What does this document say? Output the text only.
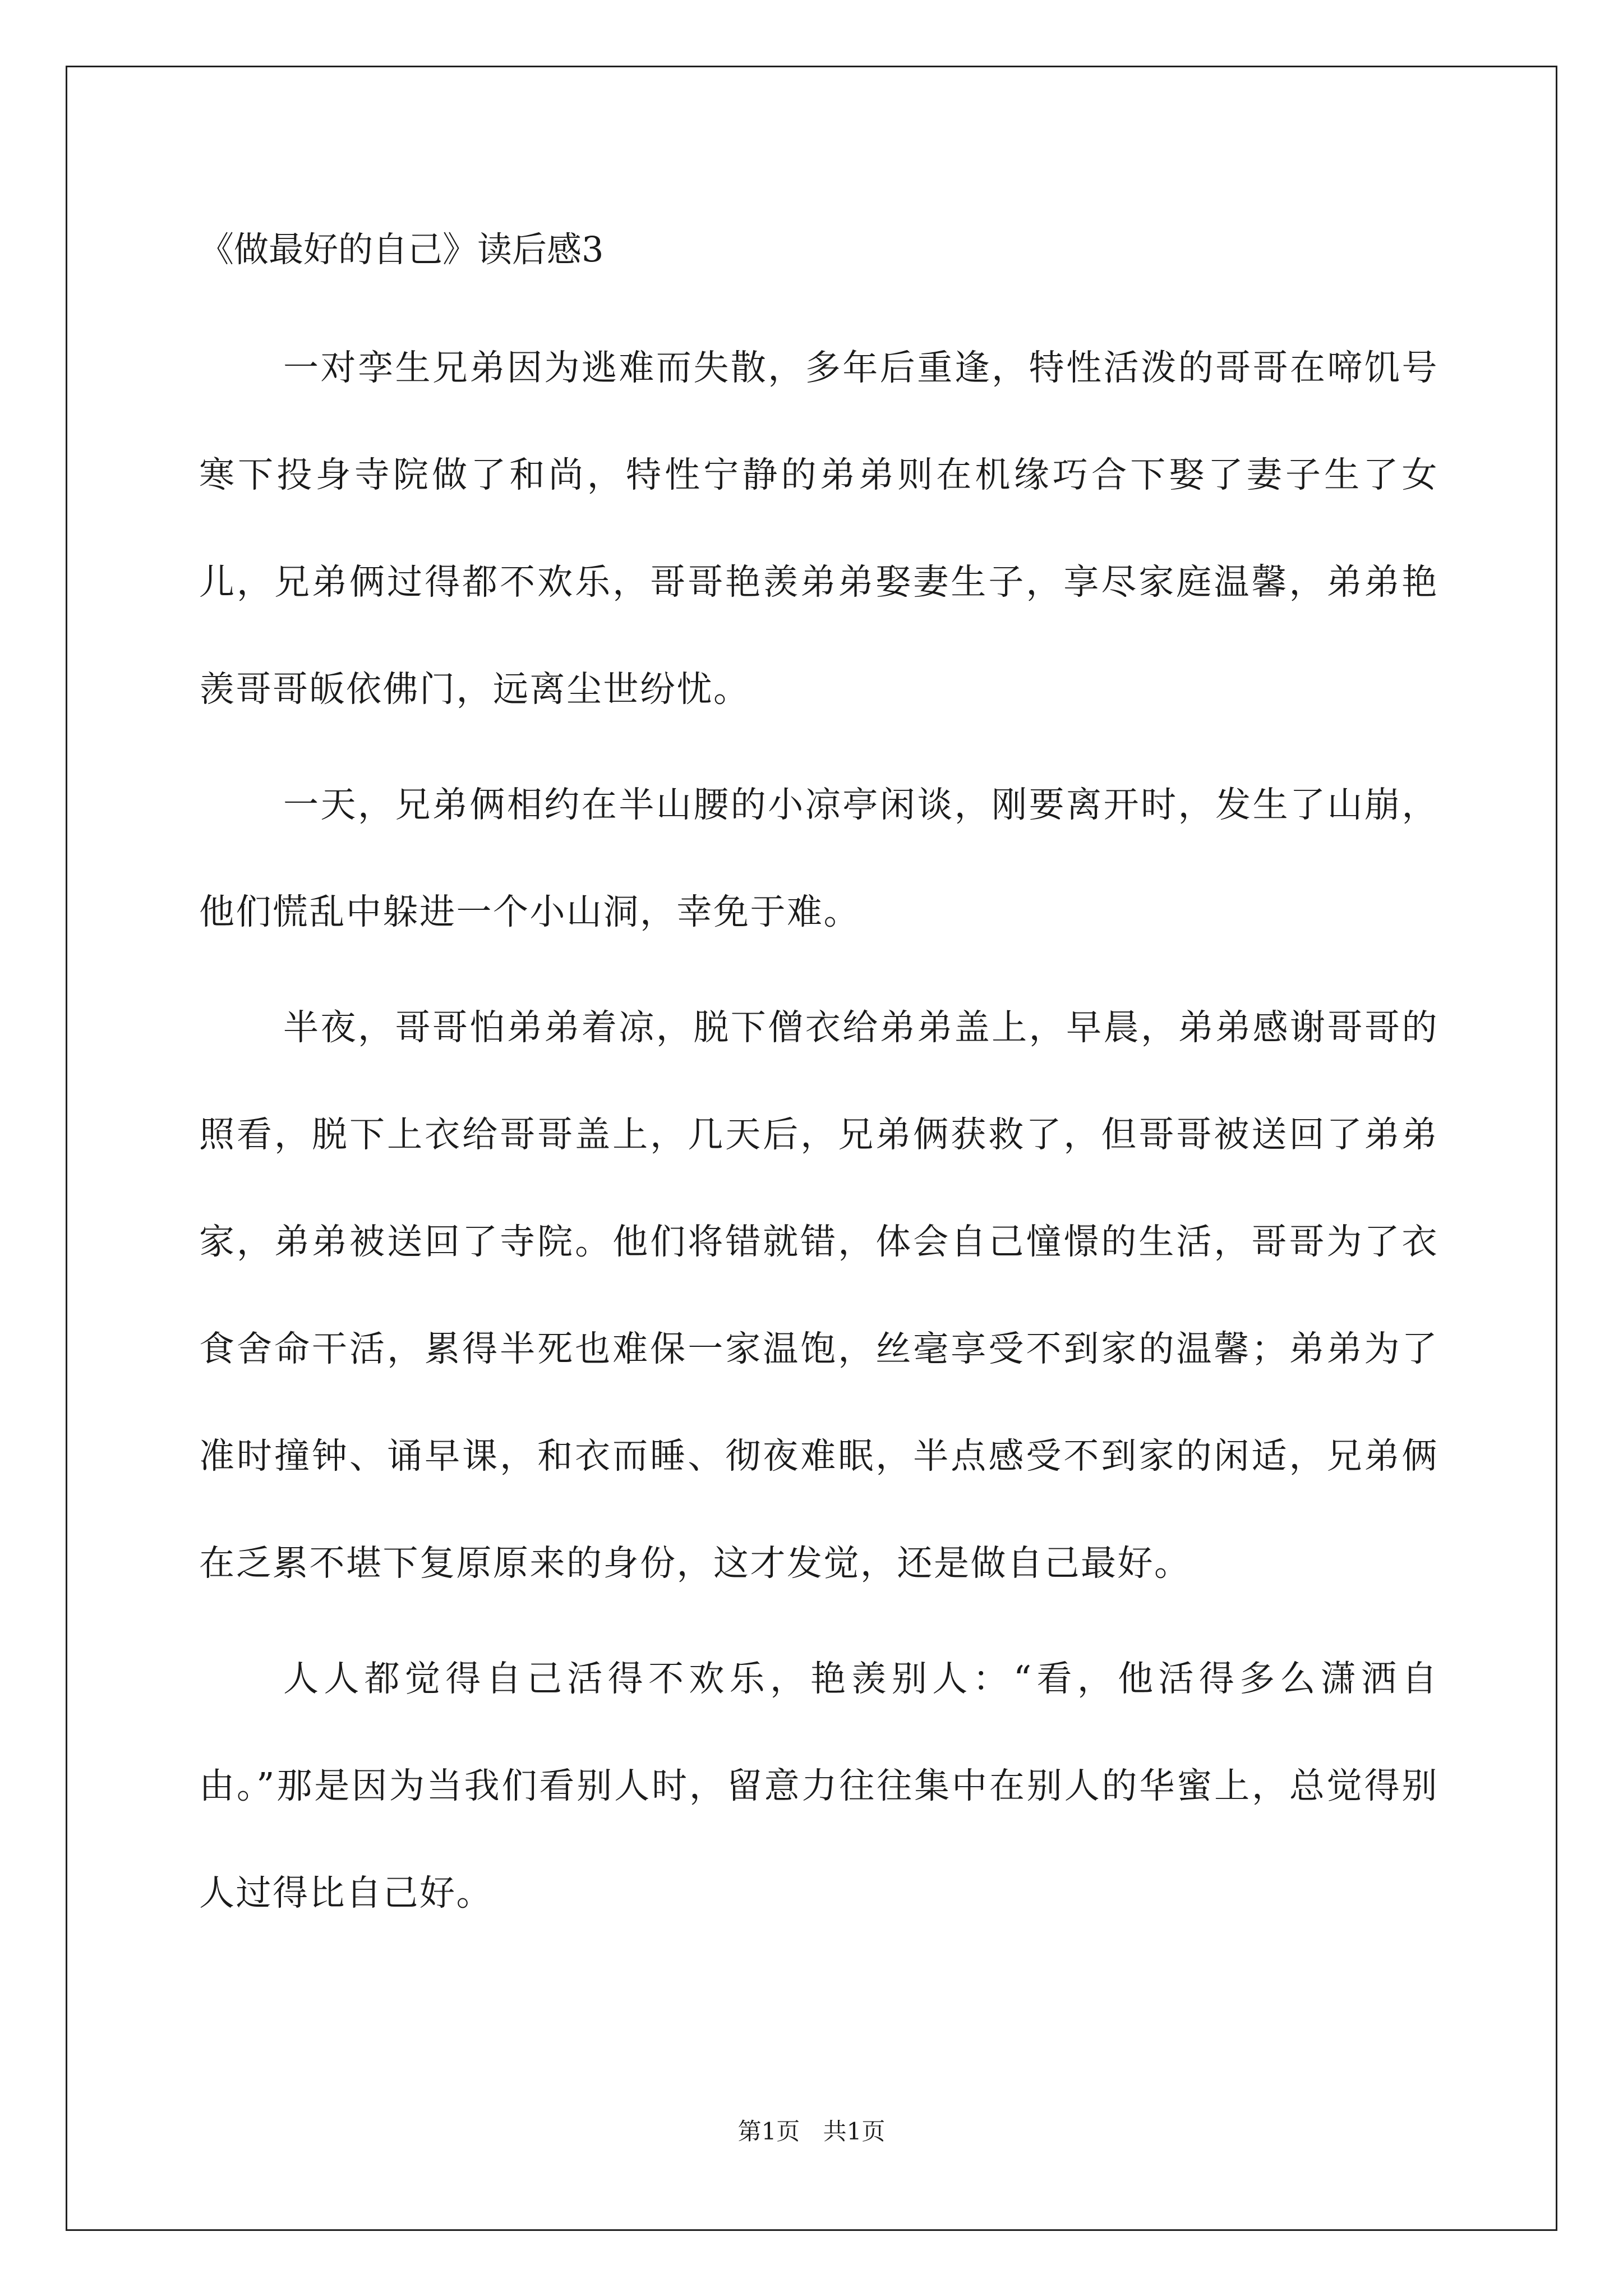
《做最好的自己》读后感3

一对孪生兄弟因为逃难而失散，多年后重逢，特性活泼的哥哥在啼饥号寒下投身寺院做了和尚，特性宁静的弟弟则在机缘巧合下娶了妻子生了女儿，兄弟俩过得都不欢乐，哥哥艳羡弟弟娶妻生子，享尽家庭温馨，弟弟艳羡哥哥皈依佛门，远离尘世纷忧。

一天，兄弟俩相约在半山腰的小凉亭闲谈，刚要离开时，发生了山崩，他们慌乱中躲进一个小山洞，幸免于难。

半夜，哥哥怕弟弟着凉，脱下僧衣给弟弟盖上，早晨，弟弟感谢哥哥的照看，脱下上衣给哥哥盖上，几天后，兄弟俩获救了，但哥哥被送回了弟弟家，弟弟被送回了寺院。他们将错就错，体会自己憧憬的生活，哥哥为了衣食舍命干活，累得半死也难保一家温饱，丝毫享受不到家的温馨；弟弟为了准时撞钟、诵早课，和衣而睡、彻夜难眠，半点感受不到家的闲适，兄弟俩在乏累不堪下复原原来的身份，这才发觉，还是做自己最好。

人人都觉得自己活得不欢乐，艳羡别人：“看，他活得多么潇洒自由。”那是因为当我们看别人时，留意力往往集中在别人的华蜜上，总觉得别人过得比自己好。

第1页 共1页
